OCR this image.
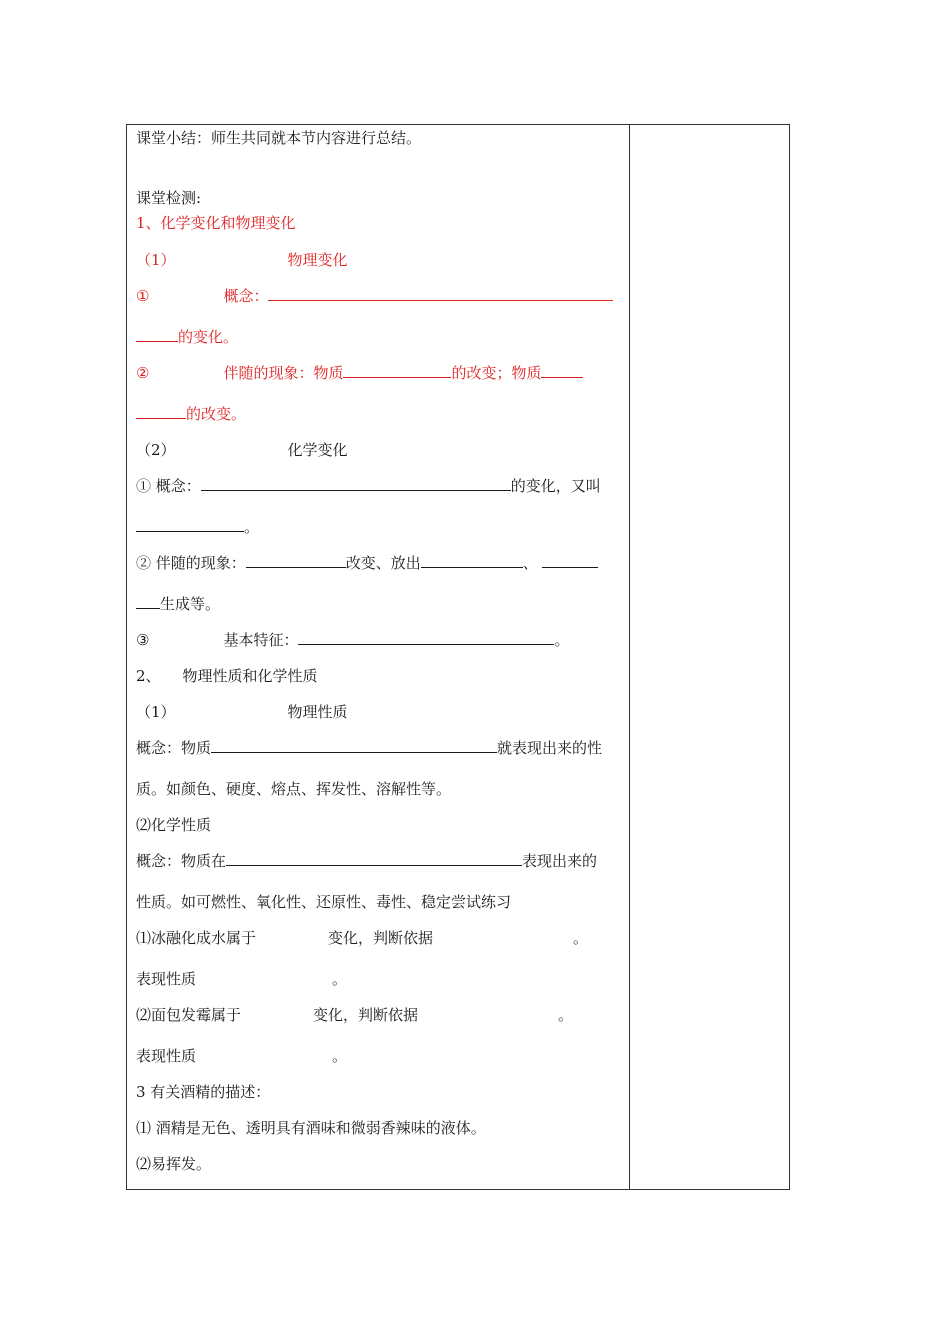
课堂小结：师生共同就本节内容进行总结。
课堂检测:
1、化学变化和物理变化
（1）	物理变化
①	概念：
的变化。
②	伴随的现象：物质	的改变；物质
的改变。
（2）	化学变化
① 概念：	的变化，又叫
。
② 伴随的现象：	改变、放出	、
生成等。
③	基本特征：	。
2、 物理性质和化学性质
（1）	物理性质
概念：物质	就表现出来的性
质。如颜色、硬度、熔点、挥发性、溶解性等。
⑵化学性质
概念：物质在	表现出来的
性质。如可燃性、氧化性、还原性、毒性、稳定尝试练习
⑴冰融化成水属于	变化，判断依据	。
表现性质	。
⑵面包发霉属于	变化，判断依据	。
表现性质	。
3 有关酒精的描述：
⑴ 酒精是无色、透明具有酒味和微弱香辣味的液体。
⑵易挥发。
